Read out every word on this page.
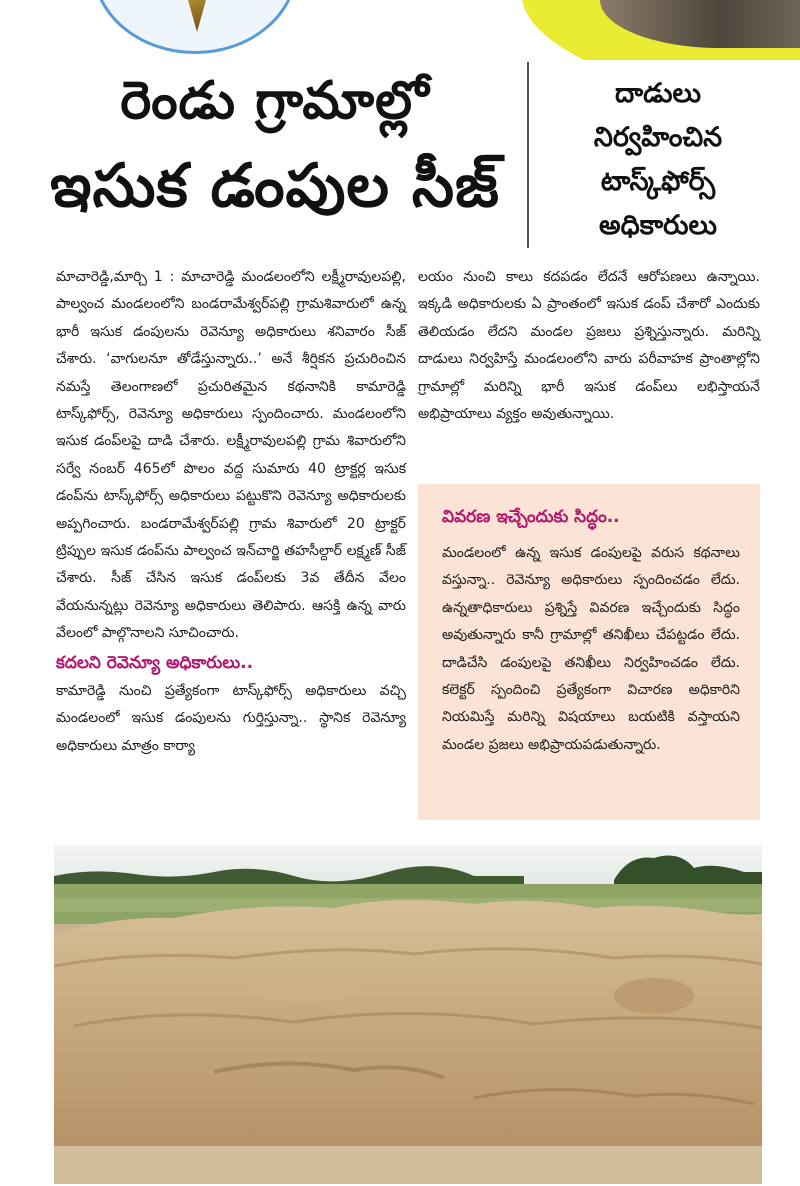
రెండు గ్రామాల్లో
ఇసుక డంపుల సీజ్
దాడులు
నిర్వహించిన
టాస్క్‌ఫోర్స్
అధికారులు

మాచారెడ్డి,మార్చి 1 : మాచారెడ్డి మండలంలోని లక్ష్మీరావులపల్లి, పాల్వంచ మండలంలోని బండరామేశ్వర్‌పల్లి గ్రామశివారులో ఉన్న భారీ ఇసుక డంపులను రెవెన్యూ అధికారులు శనివారం సీజ్ చేశారు. ‘వాగులనూ తోడేస్తున్నారు..’ అనే శీర్షికన ప్రచురించిన నమస్తే తెలంగాణలో ప్రచురితమైన కథనానికి కామారెడ్డి టాస్క్‌ఫోర్స్, రెవెన్యూ అధికారులు స్పందించారు. మండలంలోని ఇసుక డంప్‌లపై దాడి చేశారు. లక్ష్మీరావులపల్లి గ్రామ శివారులోని సర్వే నంబర్ 465లో పొలం వద్ద సుమారు 40 ట్రాక్టర్ల ఇసుక డంప్‌ను టాస్క్‌ఫోర్స్ అధికారులు పట్టుకొని రెవెన్యూ అధికారులకు అప్పగించారు. బండరామేశ్వర్‌పల్లి గ్రామ శివారులో 20 ట్రాక్టర్ ట్రిప్పుల ఇసుక డంప్‌ను పాల్వంచ ఇన్‌చార్జి తహసీల్దార్ లక్ష్మణ్ సీజ్ చేశారు. సీజ్ చేసిన ఇసుక డంప్‌లకు 3వ తేదీన వేలం వేయనున్నట్లు రెవెన్యూ అధికారులు తెలిపారు. ఆసక్తి ఉన్న వారు వేలంలో పాల్గొనాలని సూచించారు.

కదలని రెవెన్యూ అధికారులు..

కామారెడ్డి నుంచి ప్రత్యేకంగా టాస్క్‌ఫోర్స్ అధికారులు వచ్చి మండలంలో ఇసుక డంపులను గుర్తిస్తున్నా.. స్థానిక రెవెన్యూ అధికారులు మాత్రం కార్యా

లయం నుంచి కాలు కదపడం లేదనే ఆరోపణలు ఉన్నాయి. ఇక్కడి అధికారులకు ఏ ప్రాంతంలో ఇసుక డంప్ చేశారో ఎందుకు తెలియడం లేదని మండల ప్రజలు ప్రశ్నిస్తున్నారు. మరిన్ని దాడులు నిర్వహిస్తే మండలంలోని వారు పరీవాహక ప్రాంతాల్లోని గ్రామాల్లో మరిన్ని భారీ ఇసుక డంప్‌లు లభిస్తాయనే అభిప్రాయాలు వ్యక్తం అవుతున్నాయి.

వివరణ ఇచ్చేందుకు సిద్ధం..
మండలంలో ఉన్న ఇసుక డంపులపై వరుస కథనాలు వస్తున్నా.. రెవెన్యూ అధికారులు స్పందించడం లేదు. ఉన్నతాధికారులు ప్రశ్నిస్తే వివరణ ఇచ్చేందుకు సిద్ధం అవుతున్నారు కానీ గ్రామాల్లో తనిఖీలు చేపట్టడం లేదు. దాడిచేసి డంపులపై తనిఖీలు నిర్వహించడం లేదు. కలెక్టర్ స్పందించి ప్రత్యేకంగా విచారణ అధికారిని నియమిస్తే మరిన్ని విషయాలు బయటికి వస్తాయని మండల ప్రజలు అభిప్రాయపడుతున్నారు.
